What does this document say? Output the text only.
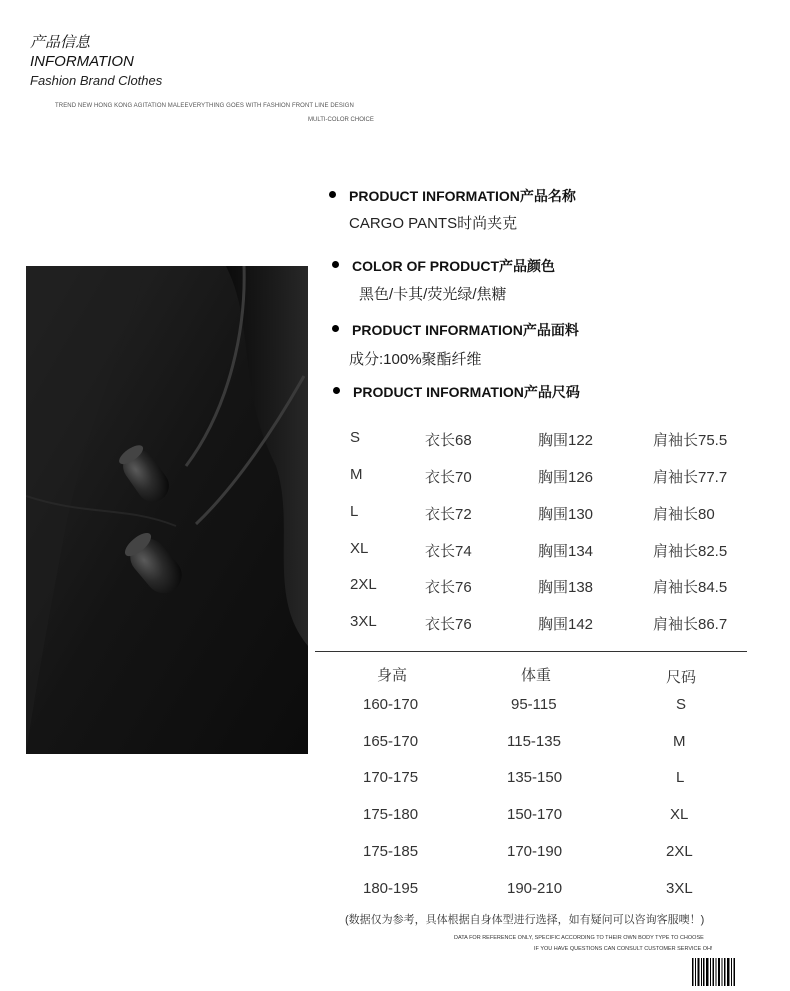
产品信息
INFORMATION
Fashion Brand Clothes
TREND NEW HONG KONG AGITATION MALEEVERYTHING GOES WITH FASHION FRONT LINE DESIGN
MULTI-COLOR CHOICE
PRODUCT INFORMATION产品名称
CARGO PANTS时尚夹克
COLOR OF PRODUCT产品颜色
黑色/卡其/荧光绿/焦糖
PRODUCT INFORMATION产品面料
成分:100%聚酯纤维
PRODUCT INFORMATION产品尺码
S	衣长68	胸围122	肩袖长75.5
M	衣长70	胸围126	肩袖长77.7
L	衣长72	胸围130	肩袖长80
XL	衣长74	胸围134	肩袖长82.5
2XL	衣长76	胸围138	肩袖长84.5
3XL	衣长76	胸围142	肩袖长86.7
身高	体重	尺码
160-170	95-115	S
165-170	115-135	M
170-175	135-150	L
175-180	150-170	XL
175-185	170-190	2XL
180-195	190-210	3XL
(数据仅为参考，具体根据自身体型进行选择，如有疑问可以咨询客服噢！)
DATA FOR REFERENCE ONLY, SPECIFIC ACCORDING TO THEIR OWN BODY TYPE TO CHOOSE
IF YOU HAVE QUESTIONS CAN CONSULT CUSTOMER SERVICE OH!
